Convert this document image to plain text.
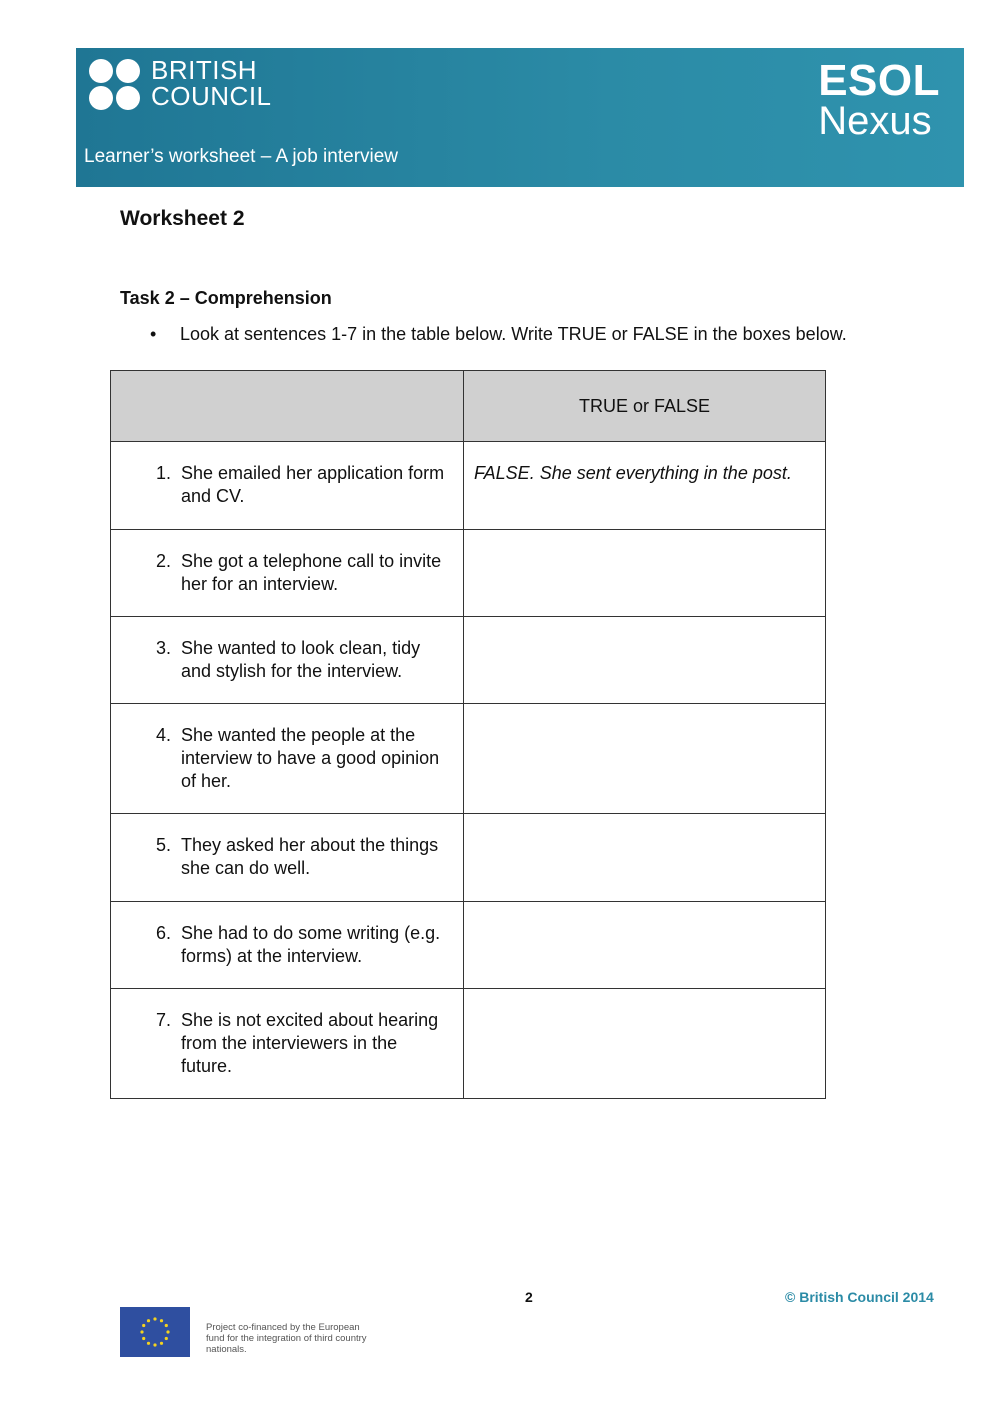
BRITISH
COUNCIL	ESOL
Nexus
Learner’s worksheet – A job interview
Worksheet 2
Task 2 – Comprehension
• Look at sentences 1-7 in the table below. Write TRUE or FALSE in the boxes below.
	TRUE or FALSE

1. She emailed her application form and CV.	FALSE. She sent everything in the post.

2. She got a telephone call to invite her for an interview.	

3. She wanted to look clean, tidy and stylish for the interview.	

4. She wanted the people at the interview to have a good opinion of her.	

5. They asked her about the things she can do well.	

6. She had to do some writing (e.g. forms) at the interview.	

7. She is not excited about hearing from the interviewers in the future.	

2	© British Council 2014
Project co-financed by the European fund for the integration of third country nationals.
